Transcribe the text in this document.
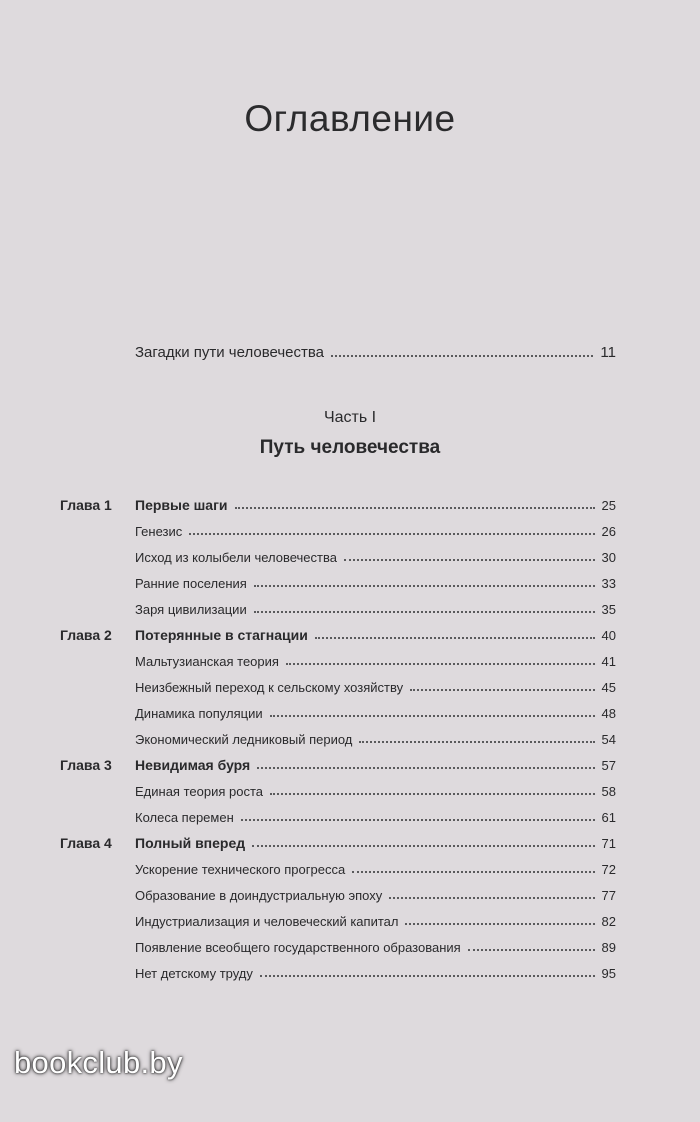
Оглавление
Загадки пути человечества	11
Часть I
Путь человечества
Глава 1 Первые шаги	25
Генезис	26
Исход из колыбели человечества	30
Ранние поселения	33
Заря цивилизации	35
Глава 2 Потерянные в стагнации	40
Мальтузианская теория	41
Неизбежный переход к сельскому хозяйству	45
Динамика популяции	48
Экономический ледниковый период	54
Глава 3 Невидимая буря	57
Единая теория роста	58
Колеса перемен	61
Глава 4 Полный вперед	71
Ускорение технического прогресса	72
Образование в доиндустриальную эпоху	77
Индустриализация и человеческий капитал	82
Появление всеобщего государственного образования	89
Нет детскому труду	95
bookclub.by
